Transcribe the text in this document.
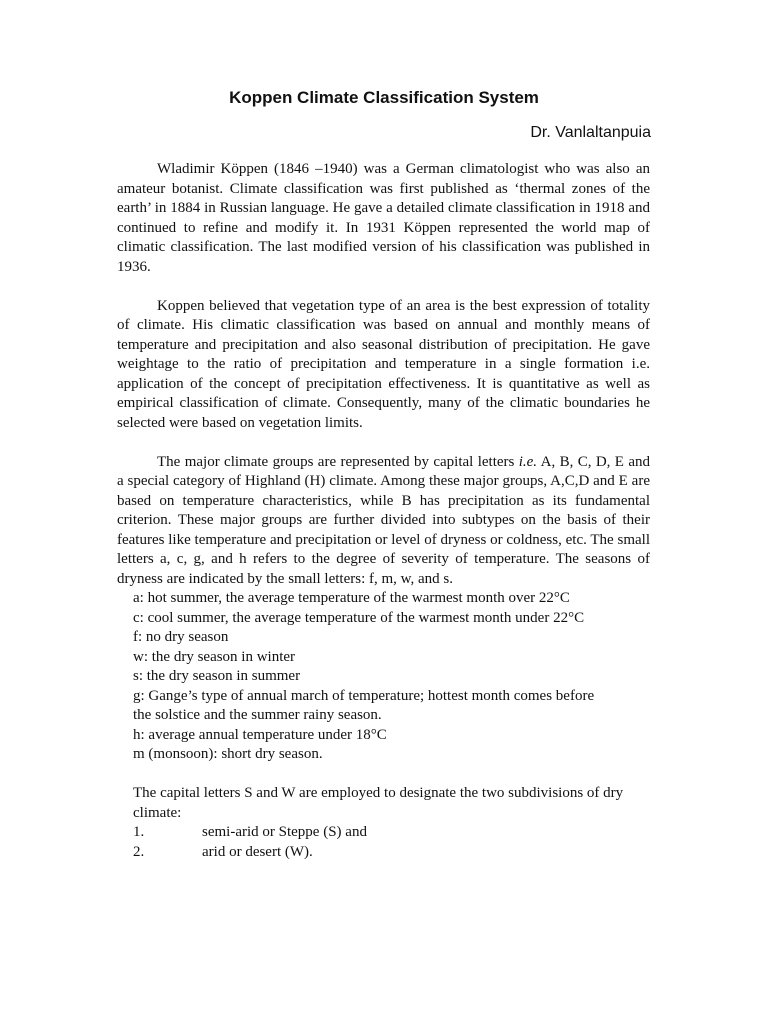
Koppen Climate Classification System

Dr. Vanlaltanpuia

Wladimir Köppen (1846 –1940) was a German climatologist who was also an amateur botanist. Climate classification was first published as ‘thermal zones of the earth’ in 1884 in Russian language. He gave a detailed climate classification in 1918 and continued to refine and modify it. In 1931 Köppen represented the world map of climatic classification. The last modified version of his classification was published in 1936.

Koppen believed that vegetation type of an area is the best expression of totality of climate. His climatic classification was based on annual and monthly means of temperature and precipitation and also seasonal distribution of precipitation. He gave weightage to the ratio of precipitation and temperature in a single formation i.e. application of the concept of precipitation effectiveness. It is quantitative as well as empirical classification of climate. Consequently, many of the climatic boundaries he selected were based on vegetation limits.

The major climate groups are represented by capital letters i.e. A, B, C, D, E and a special category of Highland (H) climate. Among these major groups, A,C,D and E are based on temperature characteristics, while B has precipitation as its fundamental criterion. These major groups are further divided into subtypes on the basis of their features like temperature and precipitation or level of dryness or coldness, etc. The small letters a, c, g, and h refers to the degree of severity of temperature. The seasons of dryness are indicated by the small letters: f, m, w, and s.

a: hot summer, the average temperature of the warmest month over 22°C
c: cool summer, the average temperature of the warmest month under 22°C
f: no dry season
w: the dry season in winter
s: the dry season in summer
g: Gange’s type of annual march of temperature; hottest month comes before
the solstice and the summer rainy season.
h: average annual temperature under 18°C
m (monsoon): short dry season.

The capital letters S and W are employed to designate the two subdivisions of dry climate:

1.	semi-arid or Steppe (S) and
2.	arid or desert (W).
